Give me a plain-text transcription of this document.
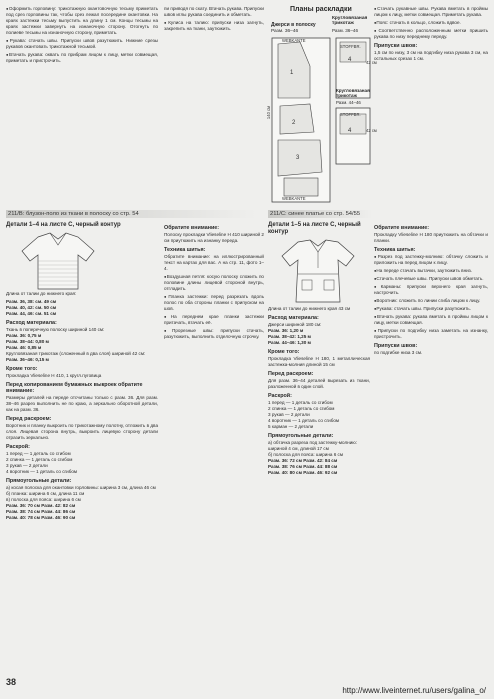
● Оформить горловину: трикотажную окантовочную тесьму приметать под срез горловины так, чтобы срез лежал посередине окантовки. На краях застежки тесьму выпустить на длину 1 см. Концы тесьмы на краях застежки завернуть на изнаночную сторону. Отогнуть по полиеве тесьмы на изнаночную сторону, приметать.

● Рукава: стачать швы. Припуски швов разутюжить. Нижние срезы рукавов окантовать трикотажной тесьмой.

● Втачать рукава: оквать по прибрам лицом к лицу, метки совмещая, приметать и пристрочить.

211/B: блузон-поло из ткани в полоску со стр. 54
Детали 1–4 на листе C, черный контур
Длина от талии до нижнего края:
Разм. 36, 38: см. 49 см
Разм. 40, 42: см. 50 см
Разм. 44, 46: см. 51 см
Расход материала:
Ткань в поперечную полоску шириной 140 см:
Разм. 36: 0,75 м
Разм. 38–44: 0,80 м
Разм. 46: 0,85 м
Кругловязаная трикотаж (сложенный в два слоя) шириной 42 см:
Разм. 36–46: 0,15 м
Кроме того:
Прокладка Vlieseline H 410, 1 кругл.пуговица
Перед копированием бумажных выкроек обратите внимание:
Размеры деталей на переде отсчитаны только с разм. 36. Для разм. 38–46 разрез выполнить не по краю, а зеркально оборотной детали, как на разм. 36.
Перед раскроем:
Воротник и планку выкроить по трикотажному полотну, отложить в два слоя. Лицевая сторона внутрь, выкроить лицевую сторону детали отразить зеркально.
Раскрой:
1 перед — 1 деталь со сгибом
2 спинка — 1 деталь со сгибом
3 рукав — 2 детали
4 воротник — 1 деталь со сгибом
Прямоугольные детали:
a) косая полоска для окантовки горловины: ширина 3 см, длина 46 см
б) планка: ширина 6 см, длина 11 см
в) полоска для пояса: ширина 6 см
Разм. 36: 70 см Разм. 42: 82 см
Разм. 38: 74 см Разм. 44: 86 см
Разм. 40: 78 см Разм. 46: 90 см

пи приводя по скату. Втачать рукава. Припуски швов иглы рукава соединить и обметать.

● Кулиса на талию: припуски низа загнуть, закрепить на ткани, заутюжить.

Обратите внимание:
Полоску прокладки Vlieseline H 410 шириной 2 см приутюжить на изнанку переда.
Техника шитья:

Обратите внимание: на иллюстрированный текст на картах для вас. А на стр. 11, фото 1–4.

● Воздушная петля: косую полоску сложить по половине длины лицевой стороной внутрь, отгладить.

● Планка застежки: перед разрезать вдоль полос по оба стороны планки с припуском на шов.

● На переднем крае планки застежки притачать, втачать её.

● Прорезные швы: припуски стачать, разутюжить, выполнить отделочную строчку.

Планы раскладки
Джерси в полоску
Разм. 36–46
Кругловязаная трикотаж
Разм. 36–46
WEBKANTE
STOFFBR.
140 см	STOFFBR.
WEBKANTE
1
2
3
4
4
42 см
42 см
Кругловязаная трикотаж
Разм. 44–46
211/C: синее платье со стр. 54/55
Детали 1–5 на листе C, черный контур
Длина от талии до нижнего края 43 см
Расход материала:
Джерси шириной 180 см:
Разм. 36: 1,20 м
Разм. 38–42: 1,25 м
Разм. 44–46: 1,30 м
Кроме того:
Прокладка Vlieseline H 180, 1 металлическая застежка-молния длиной 15 см
Перед раскроем:
Для разм. 36–44 деталей вырезать из ткани, разложенной в один слой.
Раскрой:
1 перед — 1 деталь со сгибом
2 спинка — 1 деталь со сгибом
3 рукав — 2 детали
4 воротник — 1 деталь со сгибом
5 карман — 2 детали
Прямоугольные детали:
а) обтачка разреза под застежку-молнию: шириной 4 см, длиной 17 см
б) полоска для пояса: ширина 6 см
Разм. 36: 72 см Разм. 42: 84 см
Разм. 38: 76 см Разм. 44: 88 см
Разм. 40: 80 см Разм. 46: 92 см

● Стачать рукавные швы. Рукава вметать в проймы лицом к лицу, метки совмещая. Приметать рукава.

● Пояс: стачать в кольцо, сложить вдвое.

● Соответственно расположенным метки пришить рукава по низу переднему переду.

Припуски швов:
1,5 см по низу, 3 см на подгибку низа рукава 3 см, на остальных срезах 1 см.
Обратите внимание:
Прокладку Vlieseline H 180 приутюжить на обтачки и планки.
Техника шитья:

● Разрез под застежку-молнию: обтачку сложить и приложить на перед лицом к лицу.

● На переде стачать вытачки, заутюжить вниз.

● Стачать плечевые швы. Припуски швов обметать.

● Карманы: припуски верхнего края загнуть, настрочить.

● Воротник: сложить по линии сгиба лицом к лицу.

● Рукава: стачать швы. Припуски разутюжить.

● Втачать рукава: рукава вметать в проймы лицом к лицу, метки совмещая.

● Припуски по подгибку низа заметать на изнанку, пристрочить.

Припуски швов:
по подгибке низа 3 см.
38
http://www.liveinternet.ru/users/galina_o/
